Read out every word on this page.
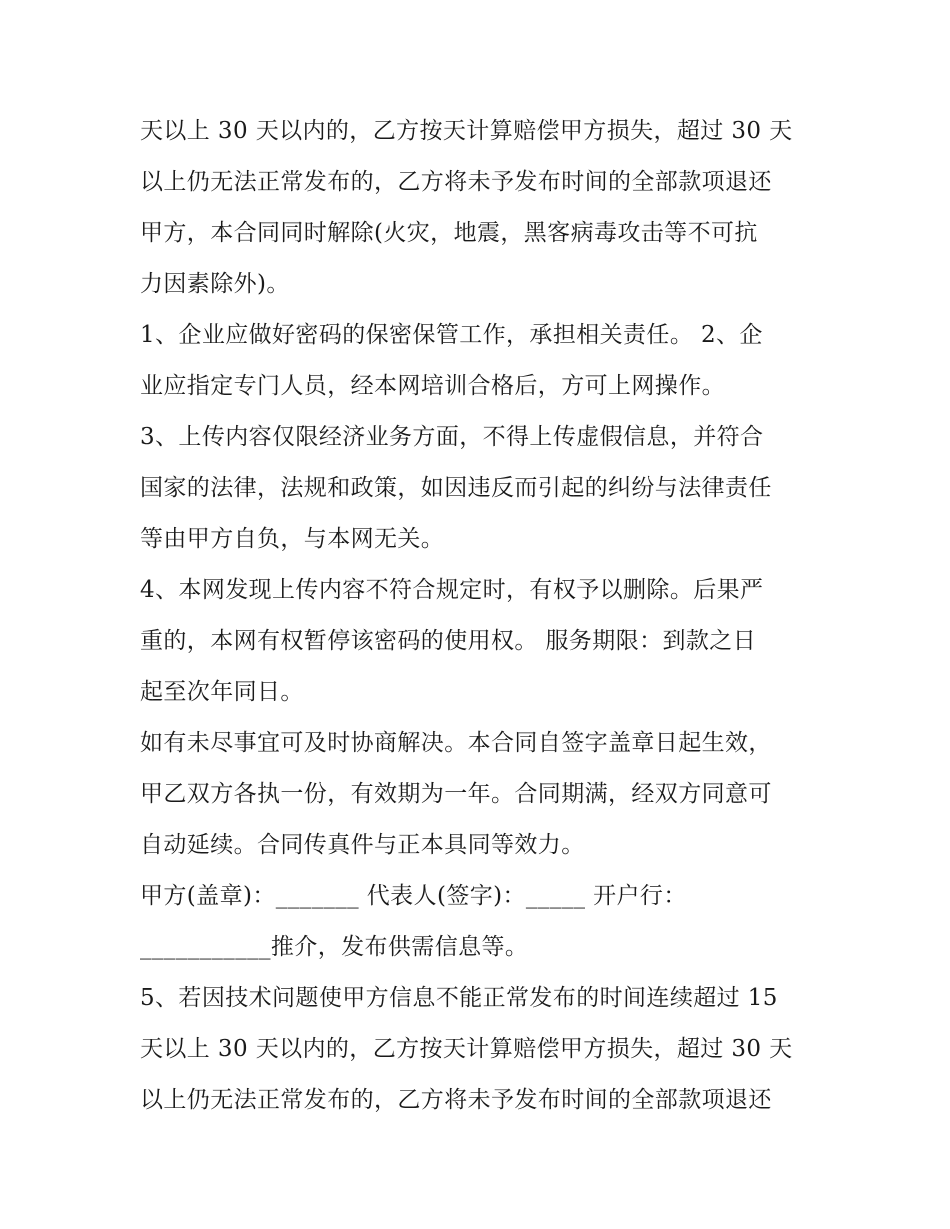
天以上 30 天以内的，乙方按天计算赔偿甲方损失，超过 30 天
以上仍无法正常发布的，乙方将未予发布时间的全部款项退还
甲方，本合同同时解除(火灾，地震，黑客病毒攻击等不可抗
力因素除外)。
1、企业应做好密码的保密保管工作，承担相关责任。 2、企
业应指定专门人员，经本网培训合格后，方可上网操作。
3、上传内容仅限经济业务方面，不得上传虚假信息，并符合
国家的法律，法规和政策，如因违反而引起的纠纷与法律责任
等由甲方自负，与本网无关。
4、本网发现上传内容不符合规定时，有权予以删除。后果严
重的，本网有权暂停该密码的使用权。 服务期限：到款之日
起至次年同日。
如有未尽事宜可及时协商解决。本合同自签字盖章日起生效，
甲乙双方各执一份，有效期为一年。合同期满，经双方同意可
自动延续。合同传真件与正本具同等效力。
甲方(盖章)：_______ 代表人(签字)：_____ 开户行：
___________推介，发布供需信息等。
5、若因技术问题使甲方信息不能正常发布的时间连续超过 15
天以上 30 天以内的，乙方按天计算赔偿甲方损失，超过 30 天
以上仍无法正常发布的，乙方将未予发布时间的全部款项退还
